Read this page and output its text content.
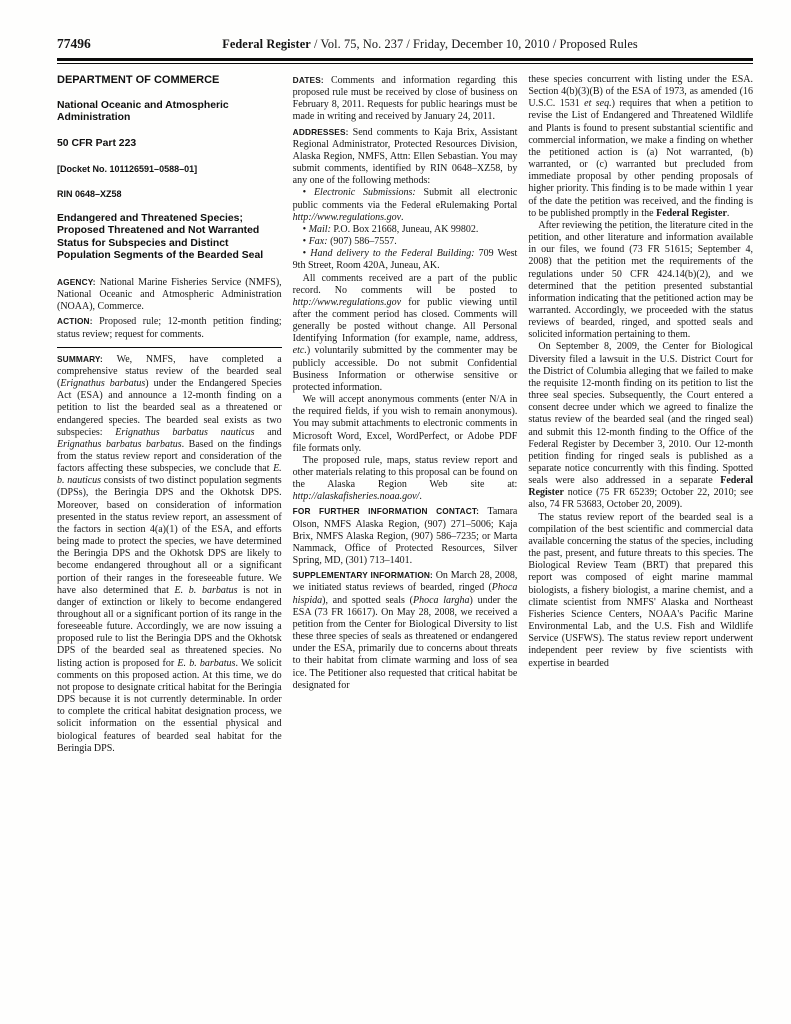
77496	Federal Register / Vol. 75, No. 237 / Friday, December 10, 2010 / Proposed Rules
DEPARTMENT OF COMMERCE
National Oceanic and Atmospheric Administration
50 CFR Part 223
[Docket No. 101126591–0588–01]
RIN 0648–XZ58
Endangered and Threatened Species; Proposed Threatened and Not Warranted Status for Subspecies and Distinct Population Segments of the Bearded Seal

AGENCY: National Marine Fisheries Service (NMFS), National Oceanic and Atmospheric Administration (NOAA), Commerce.

ACTION: Proposed rule; 12-month petition finding; status review; request for comments.

SUMMARY: We, NMFS, have completed a comprehensive status review of the bearded seal (Erignathus barbatus) under the Endangered Species Act (ESA) and announce a 12-month finding on a petition to list the bearded seal as a threatened or endangered species. The bearded seal exists as two subspecies: Erignathus barbatus nauticus and Erignathus barbatus barbatus. Based on the findings from the status review report and consideration of the factors affecting these subspecies, we conclude that E. b. nauticus consists of two distinct population segments (DPSs), the Beringia DPS and the Okhotsk DPS. Moreover, based on consideration of information presented in the status review report, an assessment of the factors in section 4(a)(1) of the ESA, and efforts being made to protect the species, we have determined the Beringia DPS and the Okhotsk DPS are likely to become endangered throughout all or a significant portion of their ranges in the foreseeable future. We have also determined that E. b. barbatus is not in danger of extinction or likely to become endangered throughout all or a significant portion of its range in the foreseeable future. Accordingly, we are now issuing a proposed rule to list the Beringia DPS and the Okhotsk DPS of the bearded seal as threatened species. No listing action is proposed for E. b. barbatus. We solicit comments on this proposed action. At this time, we do not propose to designate critical habitat for the Beringia DPS because it is not currently determinable. In order to complete the critical habitat designation process, we solicit information on the essential physical and biological features of bearded seal habitat for the Beringia DPS.

DATES: Comments and information regarding this proposed rule must be received by close of business on February 8, 2011. Requests for public hearings must be made in writing and received by January 24, 2011.

ADDRESSES: Send comments to Kaja Brix, Assistant Regional Administrator, Protected Resources Division, Alaska Region, NMFS, Attn: Ellen Sebastian. You may submit comments, identified by RIN 0648–XZ58, by any one of the following methods:

• Electronic Submissions: Submit all electronic public comments via the Federal eRulemaking Portal http://www.regulations.gov.

• Mail: P.O. Box 21668, Juneau, AK 99802.

• Fax: (907) 586–7557.

• Hand delivery to the Federal Building: 709 West 9th Street, Room 420A, Juneau, AK.

All comments received are a part of the public record. No comments will be posted to http://www.regulations.gov for public viewing until after the comment period has closed. Comments will generally be posted without change. All Personal Identifying Information (for example, name, address, etc.) voluntarily submitted by the commenter may be publicly accessible. Do not submit Confidential Business Information or otherwise sensitive or protected information.

We will accept anonymous comments (enter N/A in the required fields, if you wish to remain anonymous). You may submit attachments to electronic comments in Microsoft Word, Excel, WordPerfect, or Adobe PDF file formats only.

The proposed rule, maps, status review report and other materials relating to this proposal can be found on the Alaska Region Web site at: http://alaskafisheries.noaa.gov/.

FOR FURTHER INFORMATION CONTACT: Tamara Olson, NMFS Alaska Region, (907) 271–5006; Kaja Brix, NMFS Alaska Region, (907) 586–7235; or Marta Nammack, Office of Protected Resources, Silver Spring, MD, (301) 713–1401.

SUPPLEMENTARY INFORMATION: On March 28, 2008, we initiated status reviews of bearded, ringed (Phoca hispida), and spotted seals (Phoca largha) under the ESA (73 FR 16617). On May 28, 2008, we received a petition from the Center for Biological Diversity to list these three species of seals as threatened or endangered under the ESA, primarily due to concerns about threats to their habitat from climate warming and loss of sea ice. The Petitioner also requested that critical habitat be designated for

these species concurrent with listing under the ESA. Section 4(b)(3)(B) of the ESA of 1973, as amended (16 U.S.C. 1531 et seq.) requires that when a petition to revise the List of Endangered and Threatened Wildlife and Plants is found to present substantial scientific and commercial information, we make a finding on whether the petitioned action is (a) Not warranted, (b) warranted, or (c) warranted but precluded from immediate proposal by other pending proposals of higher priority. This finding is to be made within 1 year of the date the petition was received, and the finding is to be published promptly in the Federal Register.

After reviewing the petition, the literature cited in the petition, and other literature and information available in our files, we found (73 FR 51615; September 4, 2008) that the petition met the requirements of the regulations under 50 CFR 424.14(b)(2), and we determined that the petition presented substantial information indicating that the petitioned action may be warranted. Accordingly, we proceeded with the status reviews of bearded, ringed, and spotted seals and solicited information pertaining to them.

On September 8, 2009, the Center for Biological Diversity filed a lawsuit in the U.S. District Court for the District of Columbia alleging that we failed to make the requisite 12-month finding on its petition to list the three seal species. Subsequently, the Court entered a consent decree under which we agreed to finalize the status review of the bearded seal (and the ringed seal) and submit this 12-month finding to the Office of the Federal Register by December 3, 2010. Our 12-month petition finding for ringed seals is published as a separate notice concurrently with this finding. Spotted seals were also addressed in a separate Federal Register notice (75 FR 65239; October 22, 2010; see also, 74 FR 53683, October 20, 2009).

The status review report of the bearded seal is a compilation of the best scientific and commercial data available concerning the status of the species, including the past, present, and future threats to this species. The Biological Review Team (BRT) that prepared this report was composed of eight marine mammal biologists, a fishery biologist, a marine chemist, and a climate scientist from NMFS' Alaska and Northeast Fisheries Science Centers, NOAA's Pacific Marine Environmental Lab, and the U.S. Fish and Wildlife Service (USFWS). The status review report underwent independent peer review by five scientists with expertise in bearded
